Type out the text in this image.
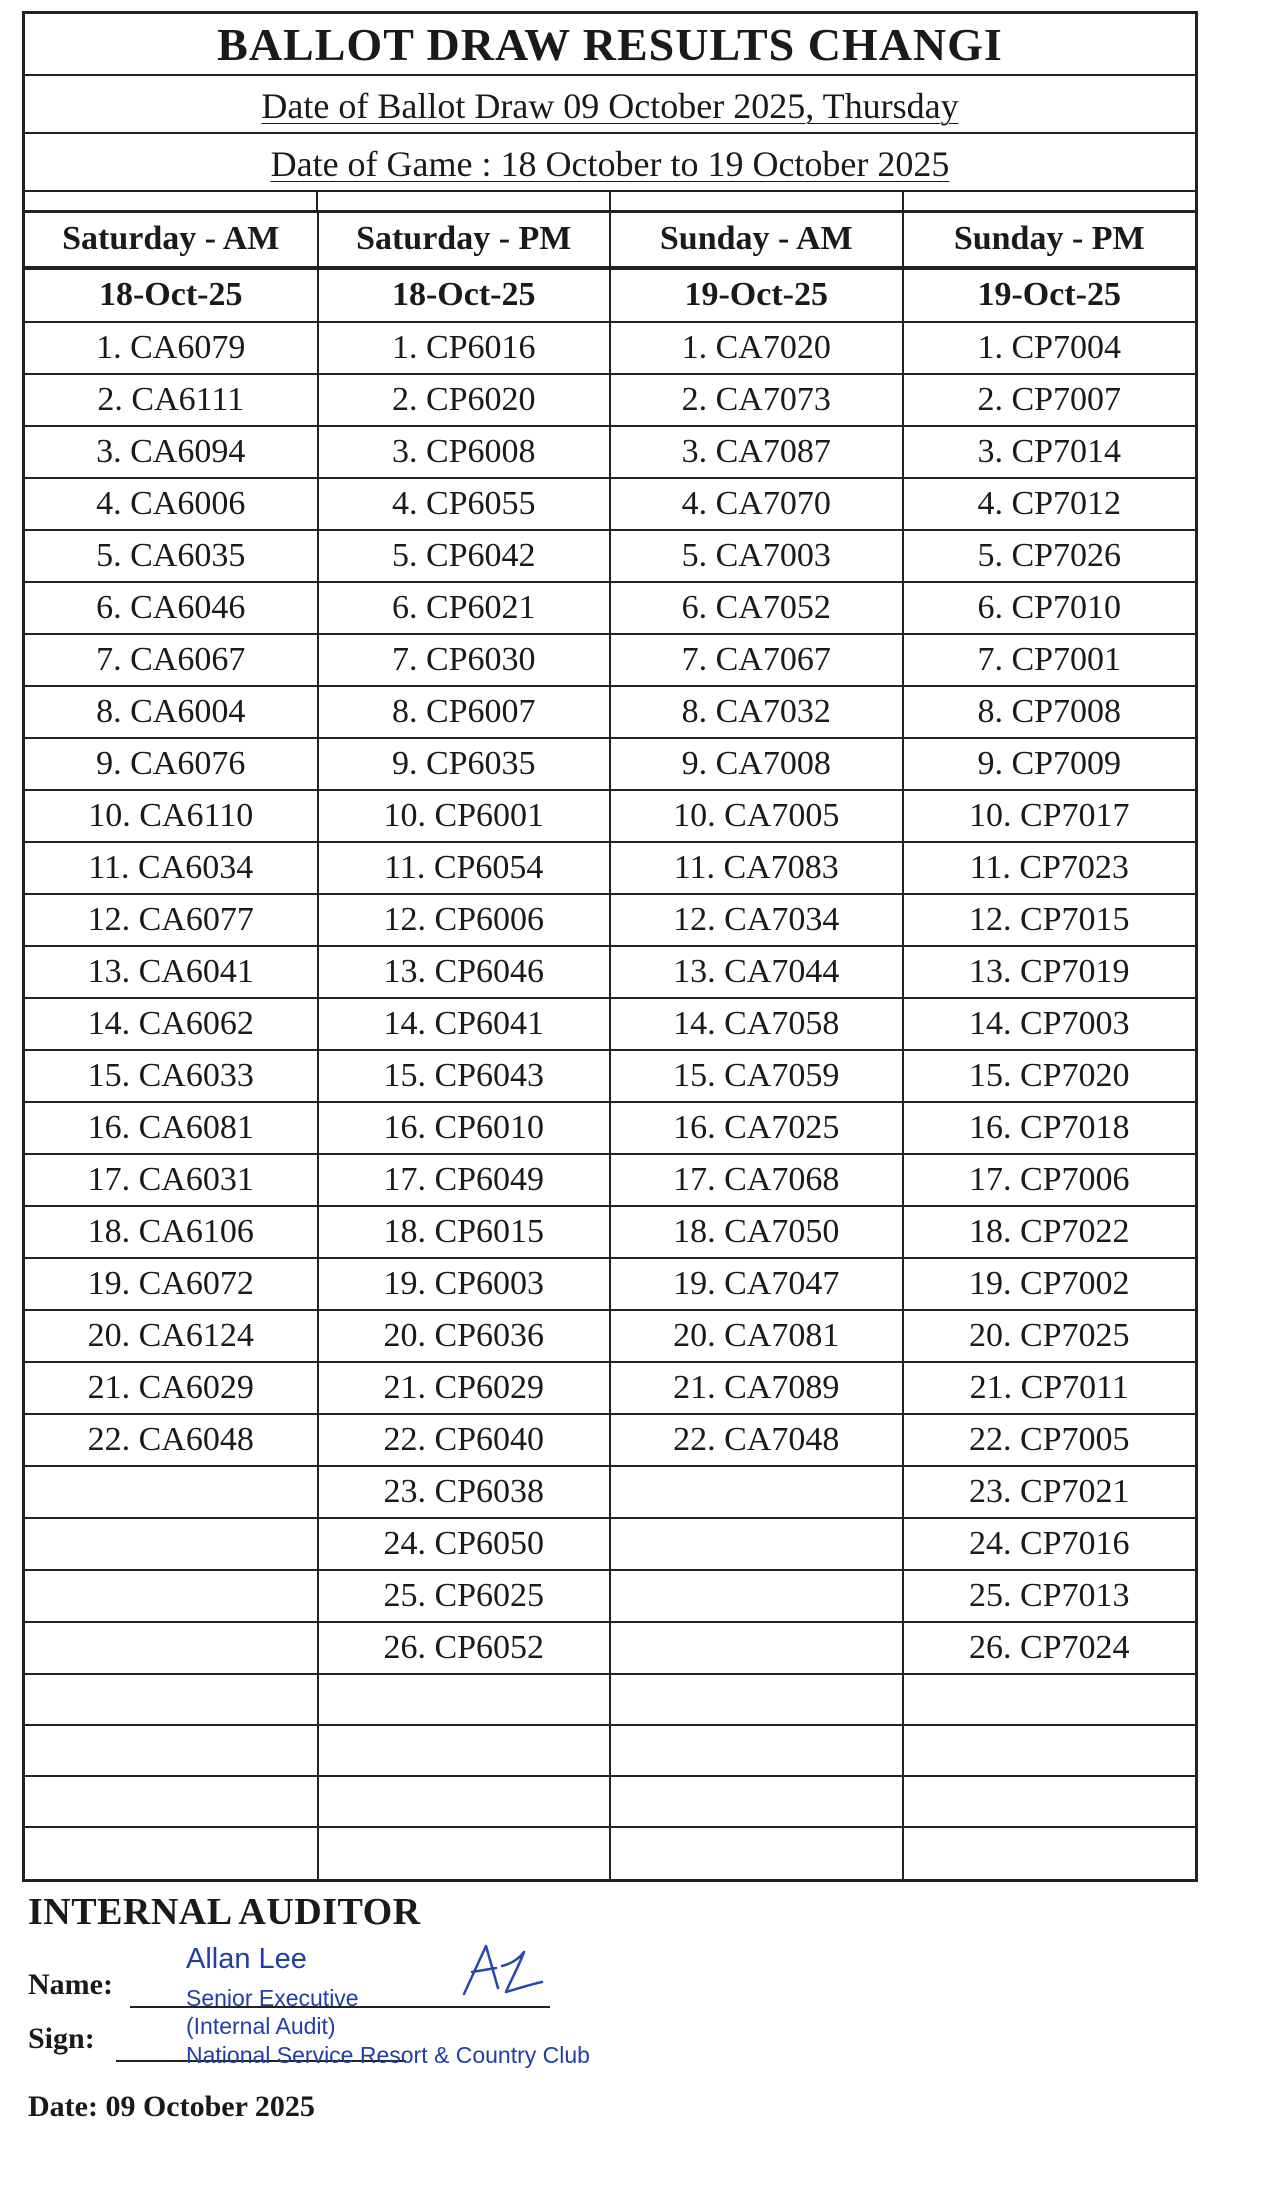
BALLOT DRAW RESULTS CHANGI
Date of Ballot Draw 09 October 2025, Thursday
Date of Game : 18 October to 19 October 2025
Saturday - AM	Saturday - PM	Sunday - AM	Sunday - PM
18-Oct-25	18-Oct-25	19-Oct-25	19-Oct-25
1. CA6079	1. CP6016	1. CA7020	1. CP7004
2. CA6111	2. CP6020	2. CA7073	2. CP7007
3. CA6094	3. CP6008	3. CA7087	3. CP7014
4. CA6006	4. CP6055	4. CA7070	4. CP7012
5. CA6035	5. CP6042	5. CA7003	5. CP7026
6. CA6046	6. CP6021	6. CA7052	6. CP7010
7. CA6067	7. CP6030	7. CA7067	7. CP7001
8. CA6004	8. CP6007	8. CA7032	8. CP7008
9. CA6076	9. CP6035	9. CA7008	9. CP7009
10. CA6110	10. CP6001	10. CA7005	10. CP7017
11. CA6034	11. CP6054	11. CA7083	11. CP7023
12. CA6077	12. CP6006	12. CA7034	12. CP7015
13. CA6041	13. CP6046	13. CA7044	13. CP7019
14. CA6062	14. CP6041	14. CA7058	14. CP7003
15. CA6033	15. CP6043	15. CA7059	15. CP7020
16. CA6081	16. CP6010	16. CA7025	16. CP7018
17. CA6031	17. CP6049	17. CA7068	17. CP7006
18. CA6106	18. CP6015	18. CA7050	18. CP7022
19. CA6072	19. CP6003	19. CA7047	19. CP7002
20. CA6124	20. CP6036	20. CA7081	20. CP7025
21. CA6029	21. CP6029	21. CA7089	21. CP7011
22. CA6048	22. CP6040	22. CA7048	22. CP7005
	23. CP6038		23. CP7021
	24. CP6050		24. CP7016
	25. CP6025		25. CP7013
	26. CP6052		26. CP7024

INTERNAL AUDITOR
Name:
Sign:
Date: 09 October 2025
Allan Lee
Senior Executive
(Internal Audit)
National Service Resort & Country Club
